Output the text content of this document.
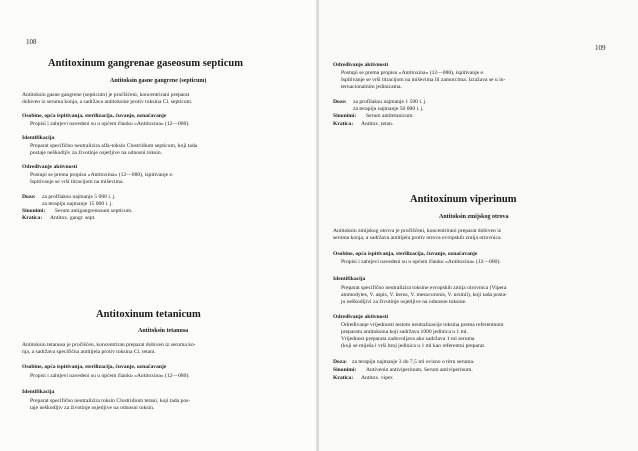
108
Antitoxinum gangrenae gaseosum septicum
Antitoksin gasne gangrene (septicum)
Antitoksin gasne gangrene (septicum) je pročišćeni, koncentrirani preparat
dobiven iz seruma konja, a sadržava antitoksine protiv toksina Cl. septicum.
Osobine, opća ispitivanja, sterilizacija, čuvanje, označavanje
Propisi i zahtjevi navedeni su u općem članku »Antitoxina« (12—080).
Identifikacija
Preparat specifično neutralizira alfa-toksin Clostridium septicum, koji tada
postaje neškodljiv za životinje osjetljive na odnosni toksin.
Određivanje aktivnosti
Postupi se prema propisu »Antitoxina« (12—080), ispitivanje e.
Ispitivanje se vrši titracijom na miševima.
Doze: za profilaksu najmanje 5 000 i. j.
za terapiju najmanje 15 000 i. j.
Sinonimi: Serum antigangrenosum septicum.
Kratica: Antitox. gangr. sept.
Antitoxinum tetanicum
Antitoksin tetanusa
Antitoksin tetanusa je pročišćen, koncentriran preparat dobiven iz seruma ko-
nja, a sadržava specifična antitijela protiv toksina Cl. tetani.
Osobine, opća ispitivanja, sterilizacija, čuvanje, označavanje
Propisi i zahtjevi navedeni su u općem članku »Antitoxina« (12—080).
Identifikacija
Preparat specifično neutralizira toksin Clostridium tetani, koji tada pos-
taje neškodljiv za životinje osjetljive na odnosni toksin.
109
Određivanje aktivnosti
Postupi se prema propisu »Antitoxina« (12—080), ispitivanje e.
Ispitivanje se vrši titracijom na miševima ili zamorcima. Izražava se u in-
ternacionalnim jedinicama.
Doze: za profilaksu najmanje 1 500 i. j.
za terapiju najmanje 50 000 i. j.
Sinonimi: Serum antitetanicum.
Kratica: Antitox. tetan.
Antitoxinum viperinum
Antitoksin zmijskog otrova
Antitoksin zmijskog otrova je pročišćeni, koncentrirani preparat dobiven iz
seruma konja, a sadržava antitijela protiv otrova evropskih zmija otrovnica.
Osobine, opća ispitivanja, sterilizacija, čuvanje, označavanje
Propisi i zahtjevi navedeni su u općem članku »Antitoxina« (12—080).
Identifikacija
Preparat specifično neutralizira toksine evropskih zmija otrovnica (Vipera
ammodytes, V. aspis, V. berus, V. mesocoronis, V. ursinii), koji tada posta-
ju neškodljivi za životinje osjetljive na odnosne toksine.
Određivanje aktivnosti
Određivanje vrijednosti testom neutralizacije toksina prema referentnom
preparatu antitoksina koji sadržava 1000 jedinica u 1 ml.
Vrijednost preparata zadovoljava ako sadržava 1 ml seruma
(koji se miješa i vrši broj jedinica u 1 ml kao referentni preparat.
Doza: za terapiju najmanje 3 do 7,5 ml ovisno o titru seruma.
Sinonimi: Antivenin antiviperinum, Serum antiviperinum.
Kratica: Antitox. viper.
